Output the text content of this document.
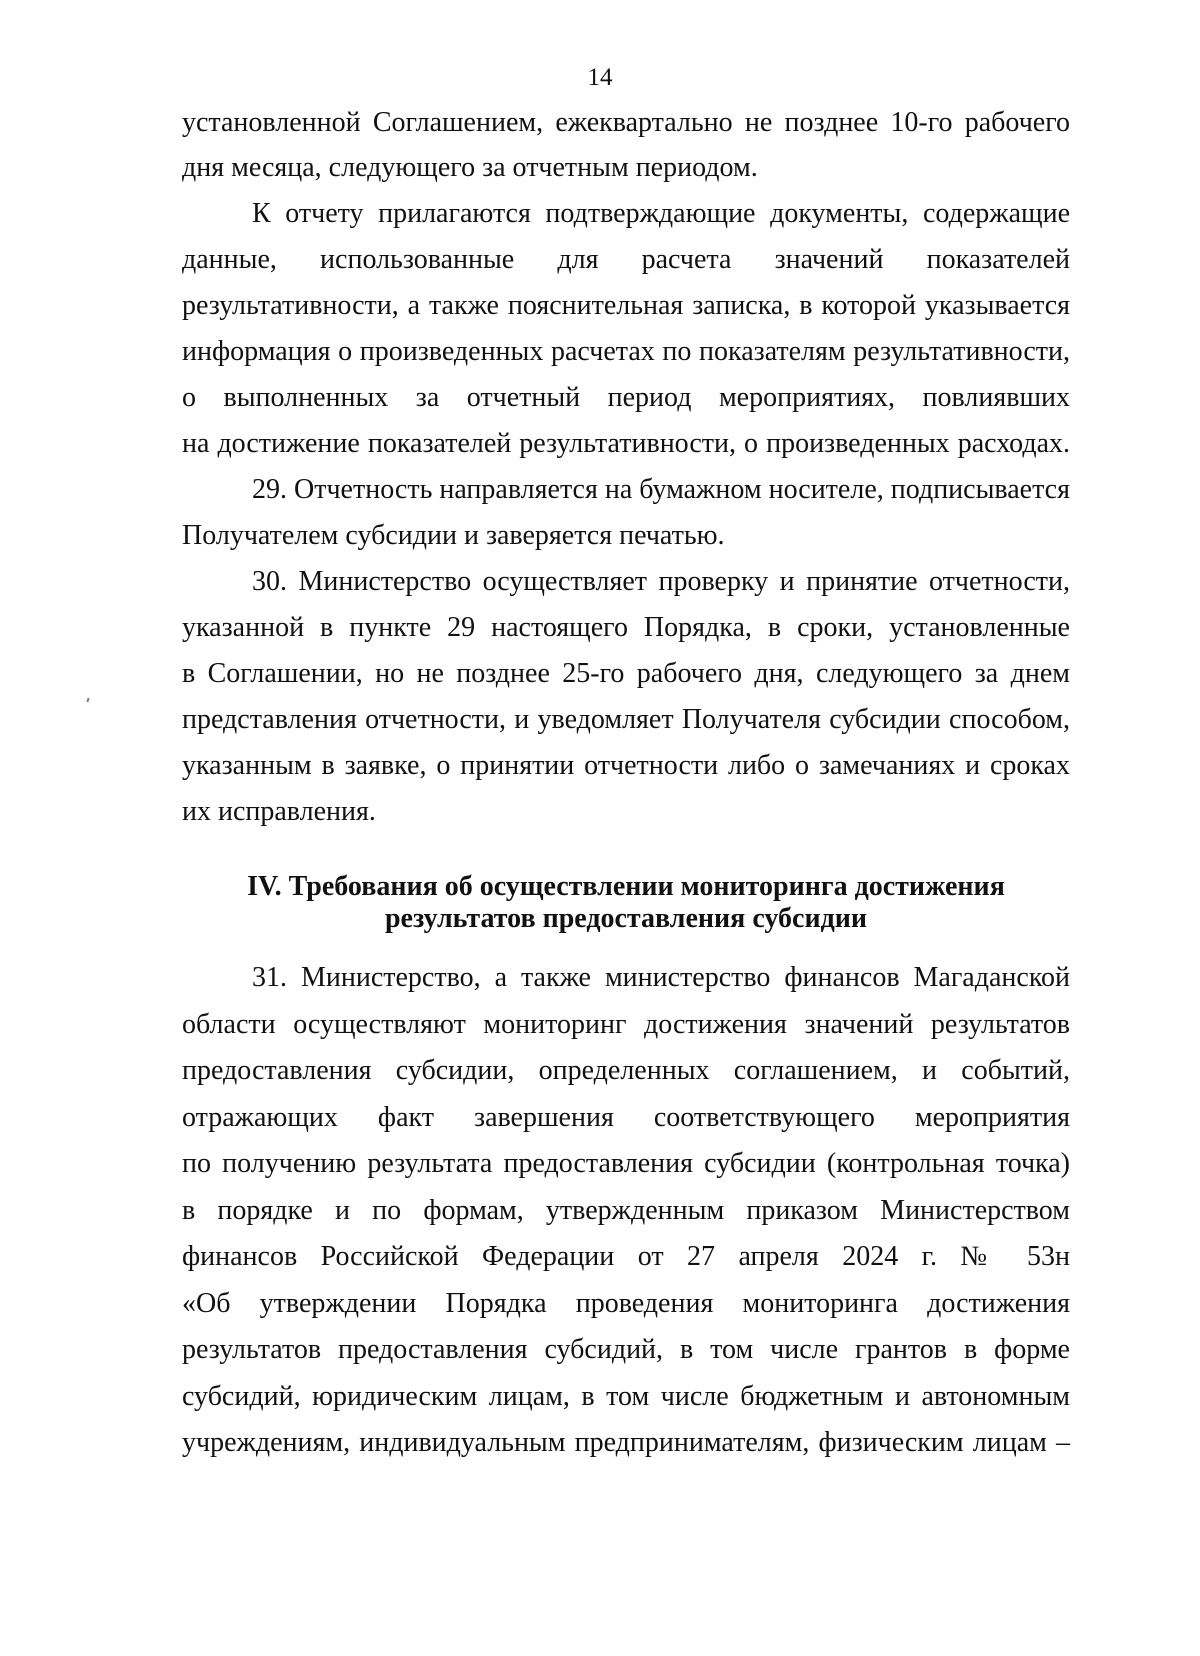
14
установленной Соглашением, ежеквартально не позднее 10-го рабочего
дня месяца, следующего за отчетным периодом.
К отчету прилагаются подтверждающие документы, содержащие
данные, использованные для расчета значений показателей
результативности, а также пояснительная записка, в которой указывается
информация о произведенных расчетах по показателям результативности,
о выполненных за отчетный период мероприятиях, повлиявших
на достижение показателей результативности, о произведенных расходах.
29. Отчетность направляется на бумажном носителе, подписывается
Получателем субсидии и заверяется печатью.
30. Министерство осуществляет проверку и принятие отчетности,
указанной в пункте 29 настоящего Порядка, в сроки, установленные
в Соглашении, но не позднее 25-го рабочего дня, следующего за днем
представления отчетности, и уведомляет Получателя субсидии способом,
указанным в заявке, о принятии отчетности либо о замечаниях и сроках
их исправления.
IV. Требования об осуществлении мониторинга достижения
результатов предоставления субсидии
31. Министерство, а также министерство финансов Магаданской
области осуществляют мониторинг достижения значений результатов
предоставления субсидии, определенных соглашением, и событий,
отражающих факт завершения соответствующего мероприятия
по получению результата предоставления субсидии (контрольная точка)
в порядке и по формам, утвержденным приказом Министерством
финансов Российской Федерации от 27 апреля 2024 г. № 53н
«Об утверждении Порядка проведения мониторинга достижения
результатов предоставления субсидий, в том числе грантов в форме
субсидий, юридическим лицам, в том числе бюджетным и автономным
учреждениям, индивидуальным предпринимателям, физическим лицам –
